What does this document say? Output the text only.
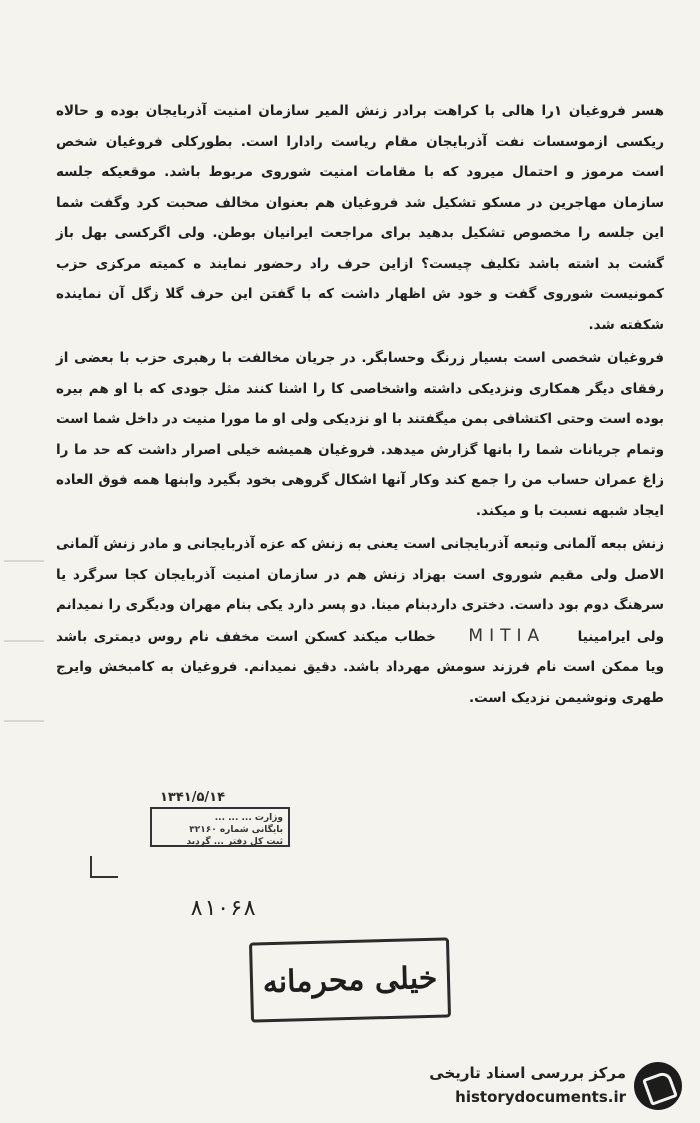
هسر فروغیان ۱را هالی با کراهت برادر زنش المیر سازمان امنیت آذربایجان بوده و حالاه ریکسی ازموسسات نفت آذربایجان مقام ریاست رادارا است. بطورکلی فروغیان شخص است مرموز و احتمال میرود که با مقامات امنیت شوروی مربوط باشد. موقعیکه جلسه سازمان مهاجرین در مسکو تشکیل شد فروغیان هم بعنوان مخالف صحبت کرد وگفت شما این جلسه را مخصوص تشکیل بدهید برای مراجعت ایرانیان بوطن. ولی اگرکسی بهل باز گشت بد اشته باشد تکلیف چیست؟ ازاین حرف راد رحضور نمایند ه کمیته مرکزی حزب کمونیست شوروی گفت و خود ش اظهار داشت که با گفتن این حرف گلا زگل آن نماینده شکفته شد.

فروغیان شخصی است بسیار زرنگ وحسابگر. در جریان مخالفت با رهبری حزب با بعضی از رفقای دیگر همکاری ونزدیکی داشته واشخاصی کا را اشنا کنند مثل جودی که با او هم بیره بوده است وحتی اکتشافی بمن میگفتند با او نزدیکی ولی او ما مورا منیت در داخل شما است وتمام جریانات شما را بانها گزارش میدهد. فروغیان همیشه خیلی اصرار داشت که حد ما را زاغ عمران حساب من را جمع کند وکار آنها اشکال گروهی بخود بگیرد وابنها همه فوق العاده ایجاد شبهه نسبت با و میکند.

زنش ببعه آلمانی وتبعه آذربایجانی است یعنی به زنش که عزه آذربایجانی و مادر زنش آلمانی الاصل ولی مقیم شوروی است بهزاد زنش هم در سازمان امنیت آذربایجان کجا سرگرد یا سرهنگ دوم بود داست. دختری داردبنام مینا. دو پسر دارد یکی بنام مهران ودیگری را نمیدانم ولی ایرامینیا MITIA خطاب میکند کسکن است مخفف نام روس دیمتری باشد ویا ممکن است نام فرزند سومش مهرداد باشد. دقیق نمیدانم. فروغیان به کامبخش وایرج طهری ونوشیمن نزدیک است.

۱۳۴۱/۵/۱۴
وزارت ... ... ...
بایگانی شماره ۳۲۱۶۰
ثبت کل دفتر ... گردید
۸۱۰۶۸
خیلی محرمانه
مرکز بررسی اسناد تاریخی
historydocuments.ir
